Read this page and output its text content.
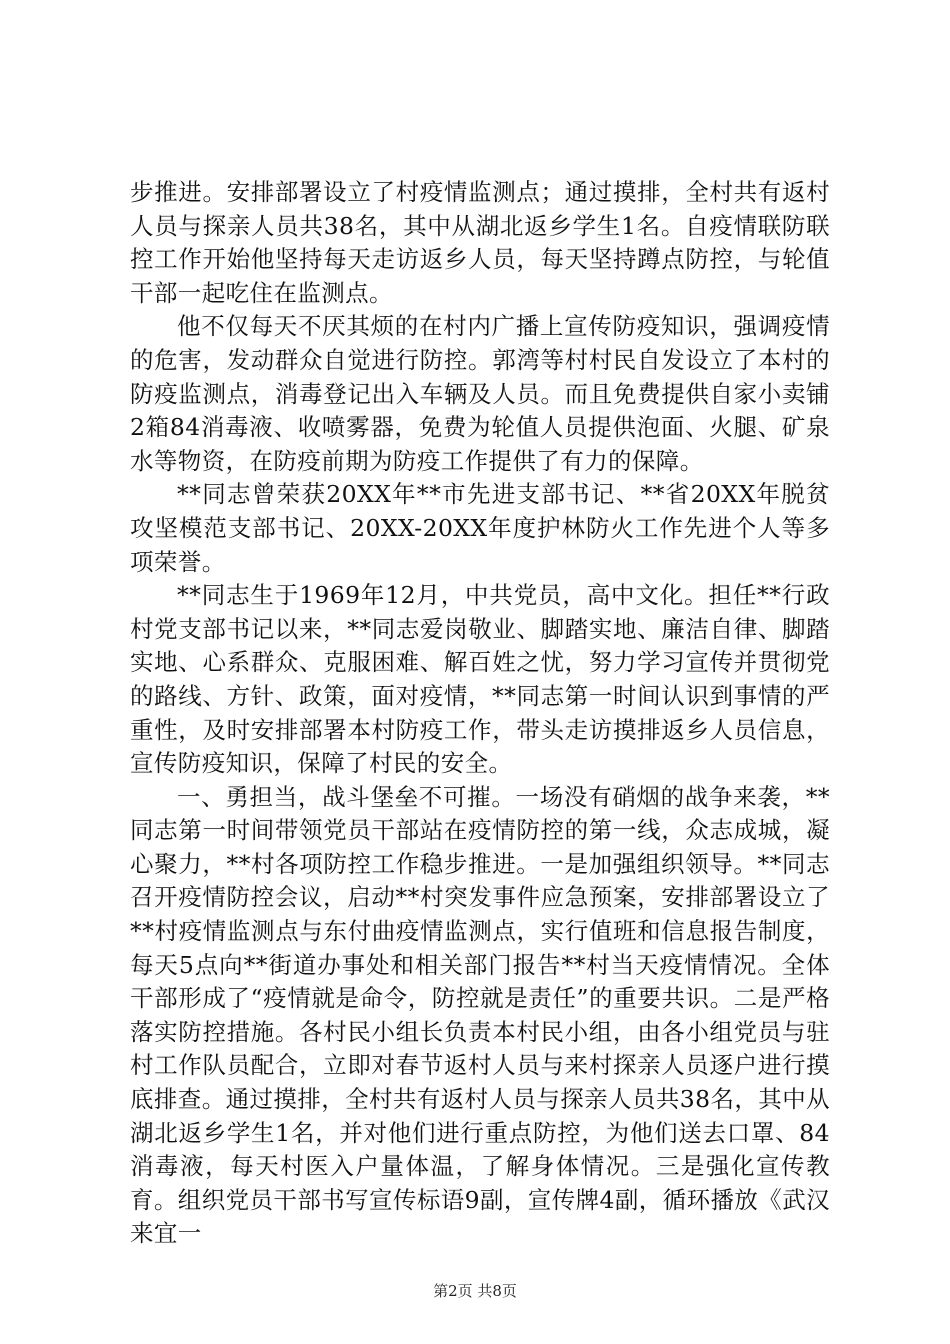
步推进。安排部署设立了村疫情监测点；通过摸排，全村共有返村人员与探亲人员共38名，其中从湖北返乡学生1名。自疫情联防联控工作开始他坚持每天走访返乡人员，每天坚持蹲点防控，与轮值干部一起吃住在监测点。

他不仅每天不厌其烦的在村内广播上宣传防疫知识，强调疫情的危害，发动群众自觉进行防控。郭湾等村村民自发设立了本村的防疫监测点，消毒登记出入车辆及人员。而且免费提供自家小卖铺2箱84消毒液、收喷雾器，免费为轮值人员提供泡面、火腿、矿泉水等物资，在防疫前期为防疫工作提供了有力的保障。

**同志曾荣获20XX年**市先进支部书记、**省20XX年脱贫攻坚模范支部书记、20XX-20XX年度护林防火工作先进个人等多项荣誉。

**同志生于1969年12月，中共党员，高中文化。担任**行政村党支部书记以来，**同志爱岗敬业、脚踏实地、廉洁自律、脚踏实地、心系群众、克服困难、解百姓之忧，努力学习宣传并贯彻党的路线、方针、政策，面对疫情，**同志第一时间认识到事情的严重性，及时安排部署本村防疫工作，带头走访摸排返乡人员信息，宣传防疫知识，保障了村民的安全。

一、勇担当，战斗堡垒不可摧。一场没有硝烟的战争来袭，**同志第一时间带领党员干部站在疫情防控的第一线，众志成城，凝心聚力，**村各项防控工作稳步推进。一是加强组织领导。**同志召开疫情防控会议，启动**村突发事件应急预案，安排部署设立了**村疫情监测点与东付曲疫情监测点，实行值班和信息报告制度，每天5点向**街道办事处和相关部门报告**村当天疫情情况。全体干部形成了“疫情就是命令，防控就是责任”的重要共识。二是严格落实防控措施。各村民小组长负责本村民小组，由各小组党员与驻村工作队员配合，立即对春节返村人员与来村探亲人员逐户进行摸底排查。通过摸排，全村共有返村人员与探亲人员共38名，其中从湖北返乡学生1名，并对他们进行重点防控，为他们送去口罩、84消毒液，每天村医入户量体温，了解身体情况。三是强化宣传教育。组织党员干部书写宣传标语9副，宣传牌4副，循环播放《武汉来宜一

第2页 共8页
